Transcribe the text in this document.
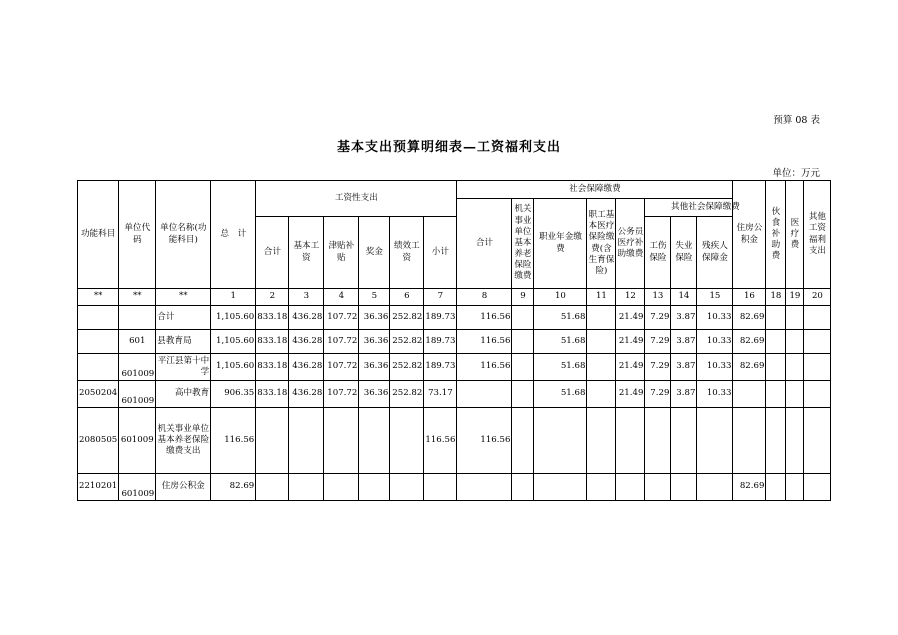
预算 08 表
基本支出预算明细表—工资福利支出
单位：万元
功能科目	单位代码	单位名称(功能科目)	总　计	工资性支出						社会保障缴费								住房公积金	伙食补助费	医疗费	其他工资福利支出
										合计	机关事业单位基本养老保险缴费	职业年金缴费	职工基本医疗保险缴费(含生育保险)	公务员医疗补助缴费	其他社会保障缴费						
				合计	基本工资	津贴补贴	奖金	绩效工资	小计						工伤保险	失业保险	残疾人保障金				
**	**	**	1	2	3	4	5	6	7	8	9	10	11	12	13	14	15	16	18	19	20
		合计	1,105.60	833.18	436.28	107.72	36.36	252.82	189.73	116.56		51.68		21.49	7.29	3.87	10.33	82.69			
	601	县教育局	1,105.60	833.18	436.28	107.72	36.36	252.82	189.73	116.56		51.68		21.49	7.29	3.87	10.33	82.69			
	601009	平江县第十中学	1,105.60	833.18	436.28	107.72	36.36	252.82	189.73	116.56		51.68		21.49	7.29	3.87	10.33	82.69			
2050204	601009	高中教育	906.35	833.18	436.28	107.72	36.36	252.82	73.17			51.68		21.49	7.29	3.87	10.33				
2080505	601009	机关事业单位基本养老保险缴费支出	116.56						116.56	116.56											
2210201	601009	住房公积金	82.69															82.69			
